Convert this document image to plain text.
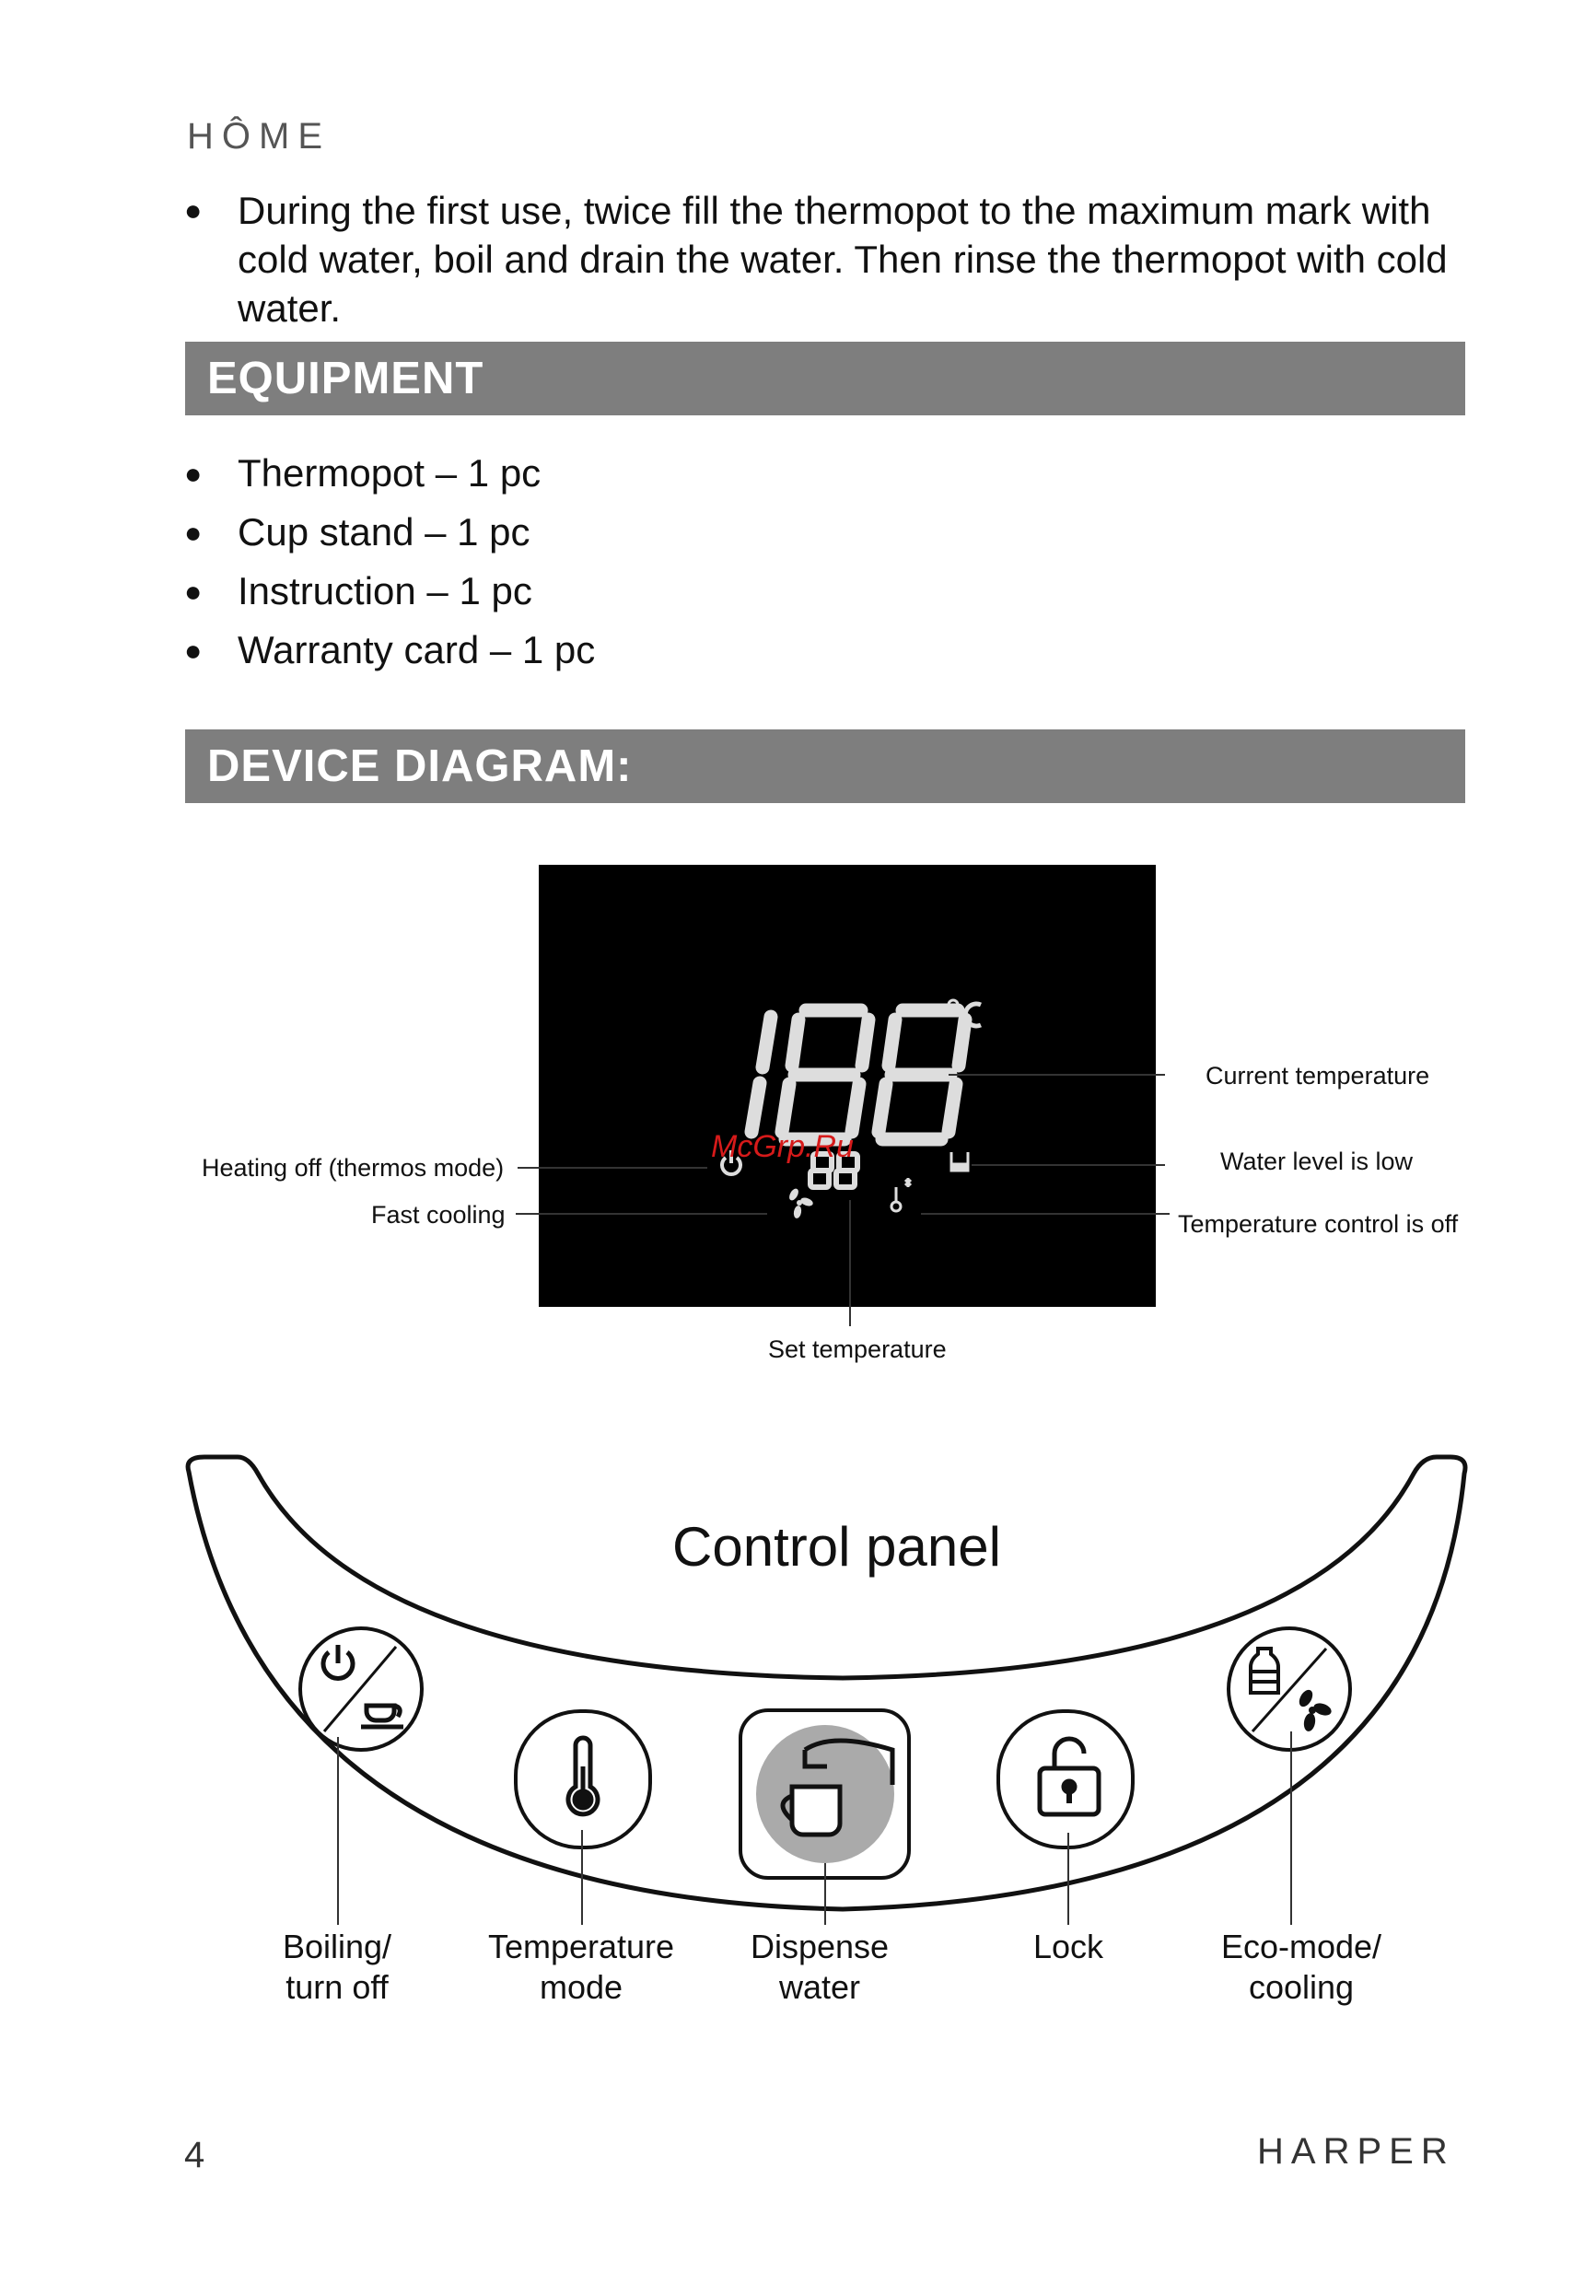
HÔME
● During the first use, twice fill the thermopot to the maximum mark with cold water, boil and drain the water. Then rinse the thermopot with cold water.
EQUIPMENT
● Thermopot – 1 pc
● Cup stand – 1 pc
● Instruction – 1 pc
● Warranty card – 1 pc
DEVICE DIAGRAM:
Current temperature
Heating off (thermos mode)	Water level is low
Fast cooling	Temperature control is off
Set temperature
McGrp.Ru
Control panel
Boiling/
turn off
Temperature
mode
Dispense
water
Lock	Eco-mode/
cooling
4	HARPER
